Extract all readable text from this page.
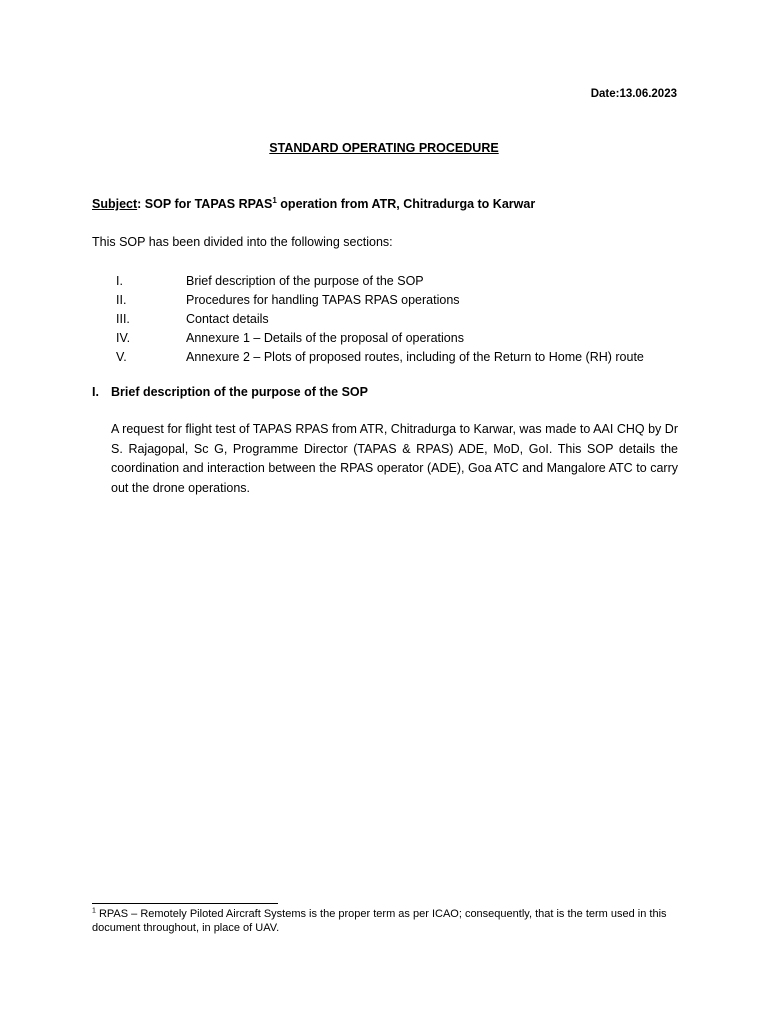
Date:13.06.2023
STANDARD OPERATING PROCEDURE
Subject: SOP for TAPAS RPAS$^1$ operation from ATR, Chitradurga to Karwar
This SOP has been divided into the following sections:
I.	Brief description of the purpose of the SOP
II.	Procedures for handling TAPAS RPAS operations
III.	Contact details
IV.	Annexure 1 – Details of the proposal of operations
V.	Annexure 2 – Plots of proposed routes, including of the Return to Home (RH) route
I. Brief description of the purpose of the SOP

A request for flight test of TAPAS RPAS from ATR, Chitradurga to Karwar, was made to AAI CHQ by Dr S. Rajagopal, Sc G, Programme Director (TAPAS & RPAS) ADE, MoD, GoI. This SOP details the coordination and interaction between the RPAS operator (ADE), Goa ATC and Mangalore ATC to carry out the drone operations.

$^1$ RPAS – Remotely Piloted Aircraft Systems is the proper term as per ICAO; consequently, that is the term used in this document throughout, in place of UAV.
